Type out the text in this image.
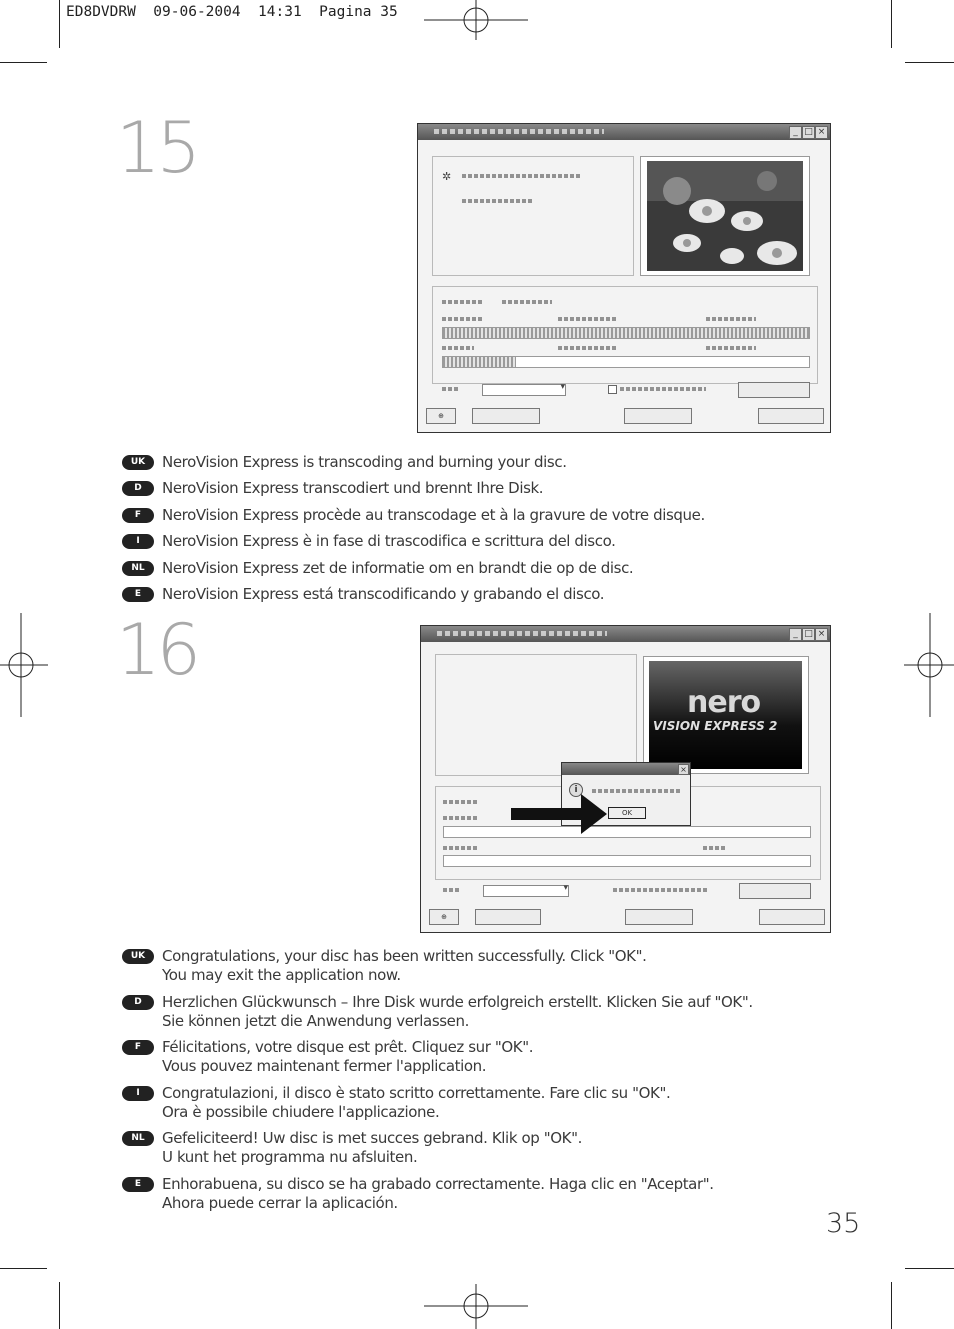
ED8DVDRW  09-06-2004  14:31  Pagina 35
15	_ □ ×
✲
▾
⊕
UK	NeroVision Express is transcoding and burning your disc.
D	NeroVision Express transcodiert und brennt Ihre Disk.
F	NeroVision Express procède au transcodage et à la gravure de votre disque.
I	NeroVision Express è in fase di trascodifica e scrittura del disco.
NL	NeroVision Express zet de informatie om en brandt die op de disc.
E	NeroVision Express está transcodificando y grabando el disco.
16	_ □ ×
nero
VISION EXPRESS 2
▾
⊕
×
i
OK
UK	Congratulations, your disc has been written successfully. Click "OK".
You may exit the application now.
D	Herzlichen Glückwunsch – Ihre Disk wurde erfolgreich erstellt. Klicken Sie auf "OK".
Sie können jetzt die Anwendung verlassen.
F	Félicitations, votre disque est prêt. Cliquez sur "OK".
Vous pouvez maintenant fermer l'application.
I	Congratulazioni, il disco è stato scritto correttamente. Fare clic su "OK".
Ora è possibile chiudere l'applicazione.
NL	Gefeliciteerd! Uw disc is met succes gebrand. Klik op "OK".
U kunt het programma nu afsluiten.
E	Enhorabuena, su disco se ha grabado correctamente. Haga clic en "Aceptar".
Ahora puede cerrar la aplicación.
35
